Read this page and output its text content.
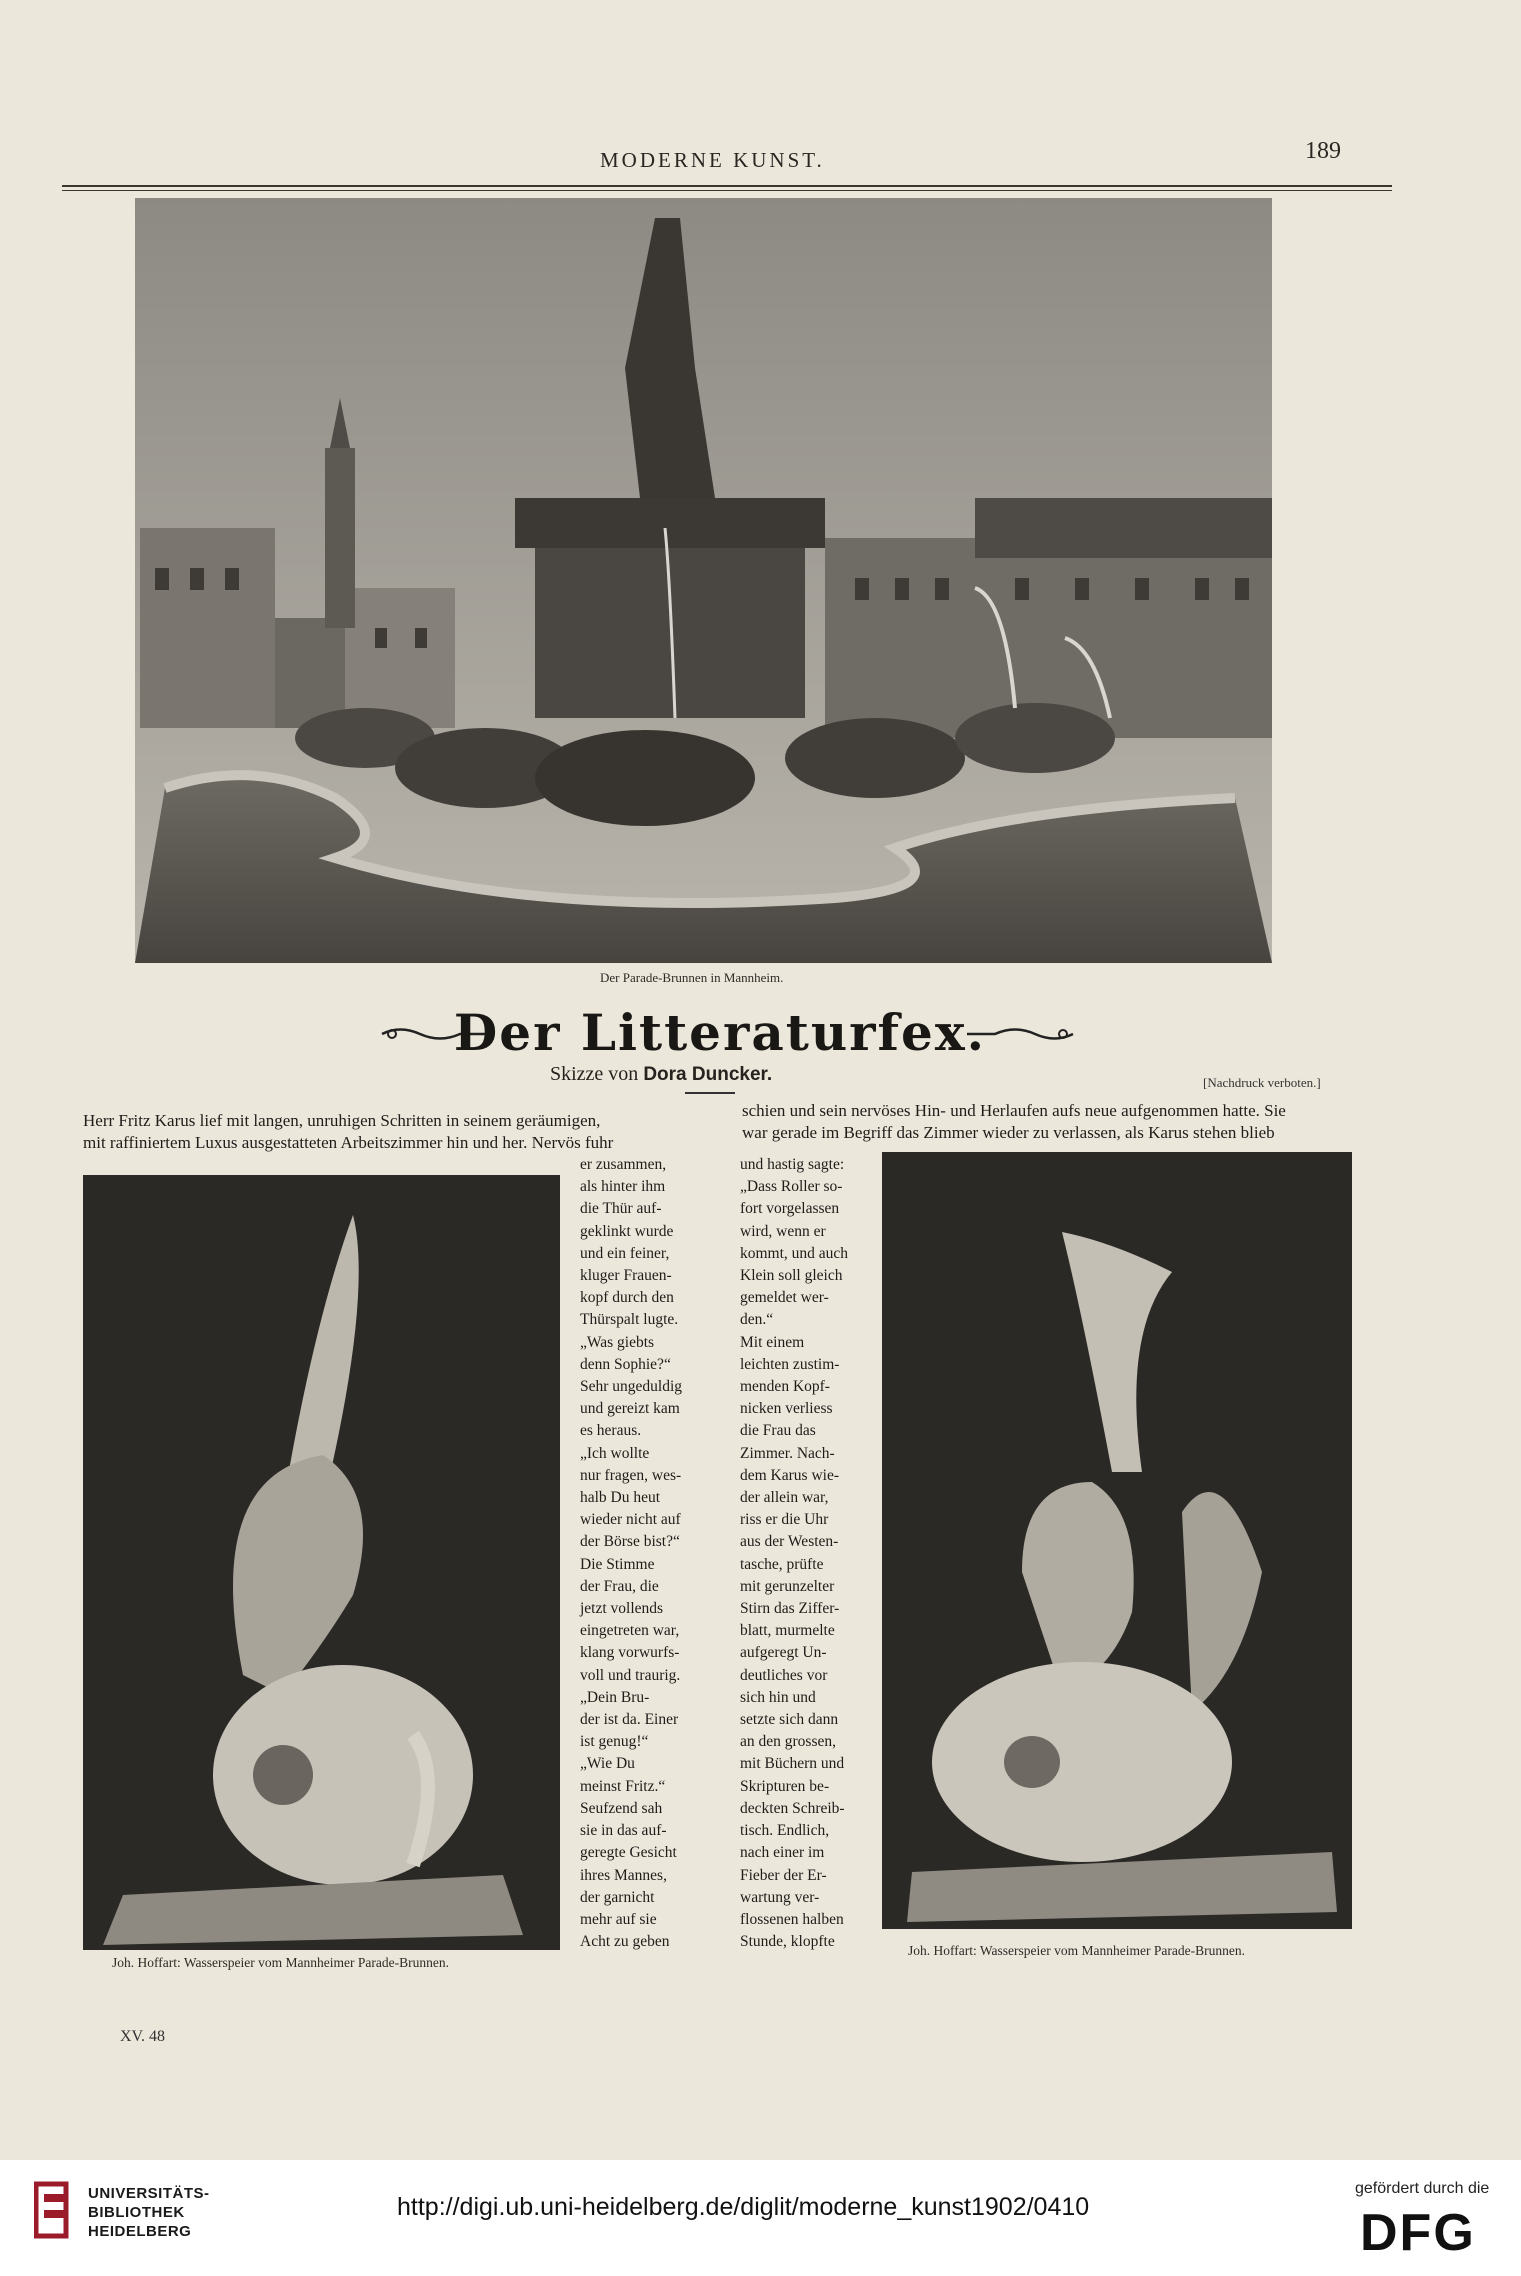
MODERNE KUNST.	189
Der Parade-Brunnen in Mannheim.
Der Litteraturfex.
Skizze von Dora Duncker.	[Nachdruck verboten.]
Herr Fritz Karus lief mit langen, unruhigen Schritten in seinem geräumigen,
mit raffiniertem Luxus ausgestatteten Arbeitszimmer hin und her. Nervös fuhr
schien und sein nervöses Hin- und Herlaufen aufs neue aufgenommen hatte. Sie
war gerade im Begriff das Zimmer wieder zu verlassen, als Karus stehen blieb
er zusammen,
als hinter ihm
die Thür auf-
geklinkt wurde
und ein feiner,
kluger Frauen-
kopf durch den
Thürspalt lugte.
„Was giebts
denn Sophie?“
Sehr ungeduldig
und gereizt kam
es heraus.
„Ich wollte
nur fragen, wes-
halb Du heut
wieder nicht auf
der Börse bist?“
Die Stimme
der Frau, die
jetzt vollends
eingetreten war,
klang vorwurfs-
voll und traurig.
„Dein Bru-
der ist da. Einer
ist genug!“
„Wie Du
meinst Fritz.“
Seufzend sah
sie in das auf-
geregte Gesicht
ihres Mannes,
der garnicht
mehr auf sie
Acht zu geben
und hastig sagte:
„Dass Roller so-
fort vorgelassen
wird, wenn er
kommt, und auch
Klein soll gleich
gemeldet wer-
den.“
Mit einem
leichten zustim-
menden Kopf-
nicken verliess
die Frau das
Zimmer. Nach-
dem Karus wie-
der allein war,
riss er die Uhr
aus der Westen-
tasche, prüfte
mit gerunzelter
Stirn das Ziffer-
blatt, murmelte
aufgeregt Un-
deutliches vor
sich hin und
setzte sich dann
an den grossen,
mit Büchern und
Skripturen be-
deckten Schreib-
tisch. Endlich,
nach einer im
Fieber der Er-
wartung ver-
flossenen halben
Stunde, klopfte
Joh. Hoffart: Wasserspeier vom Mannheimer Parade-Brunnen.
Joh. Hoffart: Wasserspeier vom Mannheimer Parade-Brunnen.
XV. 48
UNIVERSITÄTS-
BIBLIOTHEK
HEIDELBERG
http://digi.ub.uni-heidelberg.de/diglit/moderne_kunst1902/0410
gefördert durch die
DFG
